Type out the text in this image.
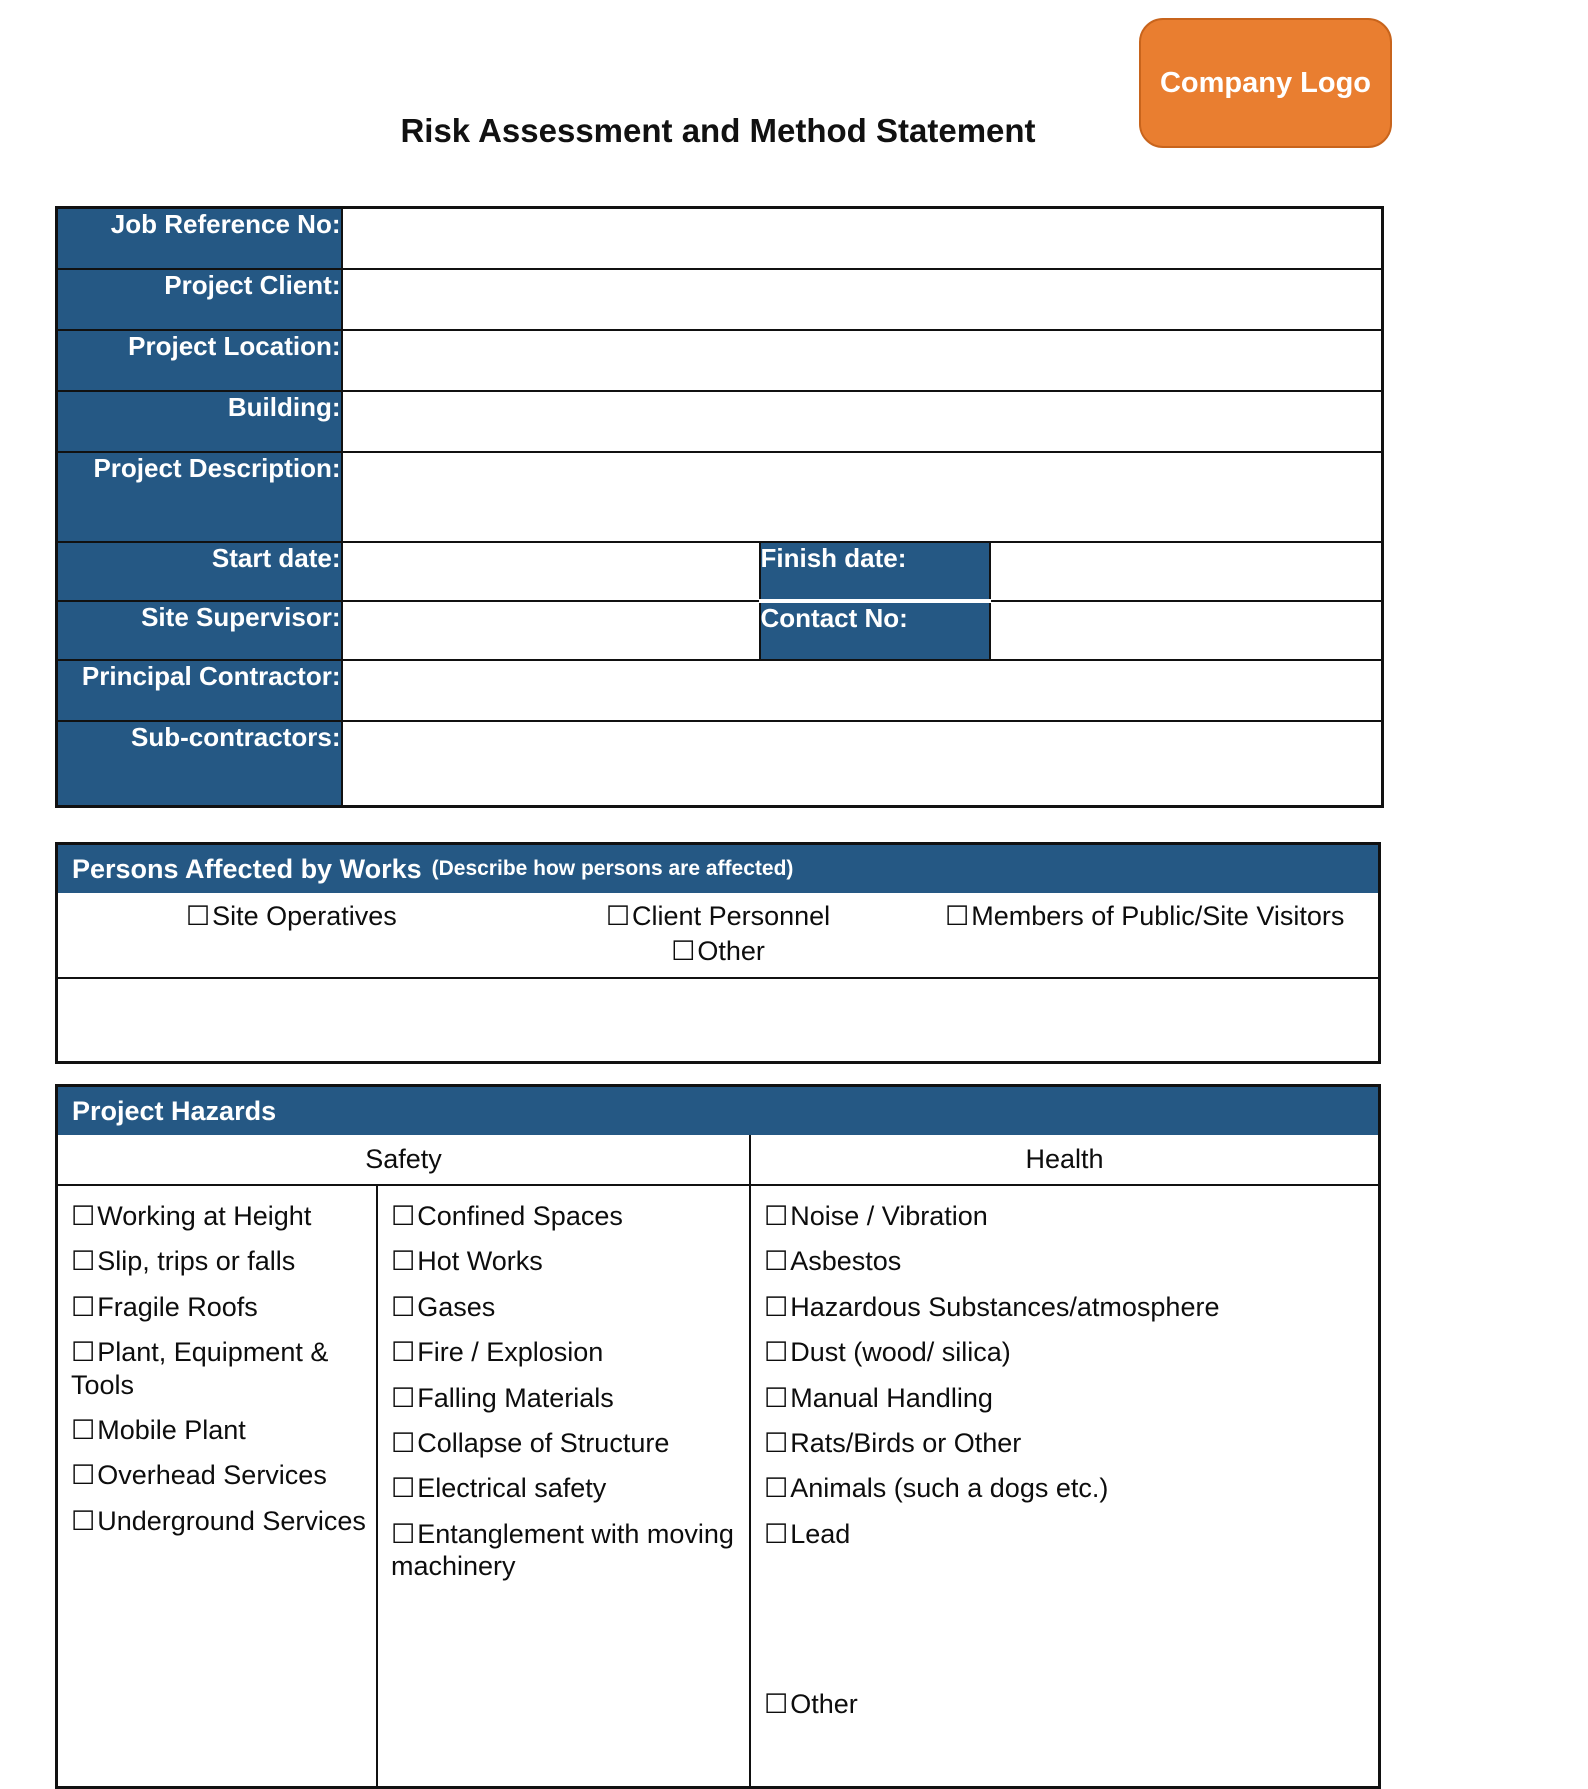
Company Logo
Risk Assessment and Method Statement
Job Reference No:			
Project Client:			
Project Location:			
Building:			
Project Description:			
Start date:		Finish date:	
Site Supervisor:		Contact No:	
Principal Contractor:			
Sub-contractors:			
Persons Affected by Works (Describe how persons are affected)
☐Site Operatives	☐Client Personnel	☐Members of Public/Site Visitors
☐Other
Project Hazards
Safety	Health
☐Working at Height
☐Slip, trips or falls
☐Fragile Roofs
☐Plant, Equipment & Tools
☐Mobile Plant
☐Overhead Services
☐Underground Services
☐Confined Spaces
☐Hot Works
☐Gases
☐Fire / Explosion
☐Falling Materials
☐Collapse of Structure
☐Electrical safety
☐Entanglement with moving machinery
☐Noise / Vibration
☐Asbestos
☐Hazardous Substances/atmosphere
☐Dust (wood/ silica)
☐Manual Handling
☐Rats/Birds or Other
☐Animals (such a dogs etc.)
☐Lead
☐Other
